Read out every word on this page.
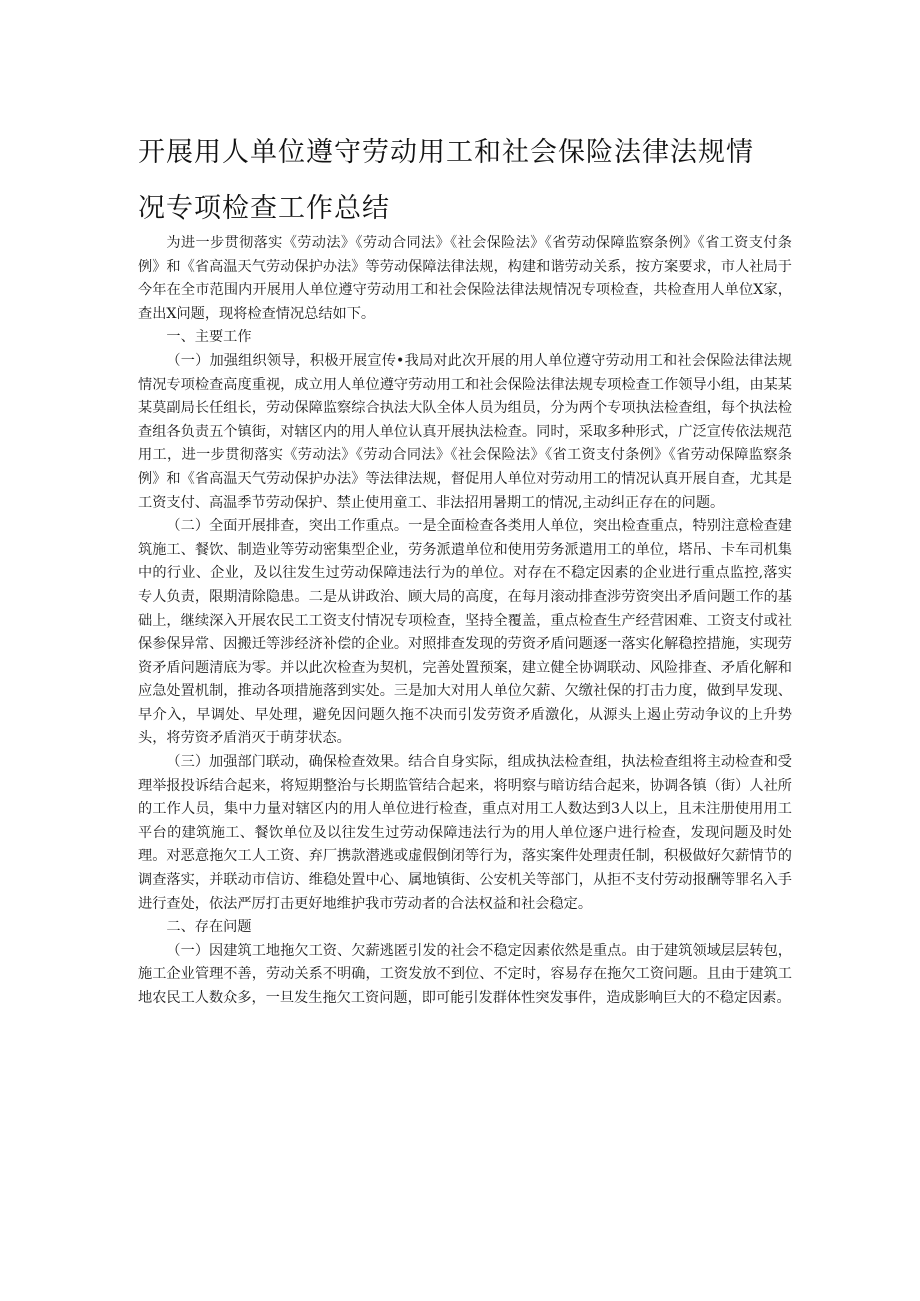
开展用人单位遵守劳动用工和社会保险法律法规情
况专项检查工作总结

为进一步贯彻落实《劳动法》《劳动合同法》《社会保险法》《省劳动保障监察条例》《省工资支付条例》和《省高温天气劳动保护办法》等劳动保障法律法规，构建和谐劳动关系，按方案要求，市人社局于今年在全市范围内开展用人单位遵守劳动用工和社会保险法律法规情况专项检查，共检查用人单位X家，查出X问题，现将检查情况总结如下。

一、主要工作

（一）加强组织领导，积极开展宣传•我局对此次开展的用人单位遵守劳动用工和社会保险法律法规情况专项检查高度重视，成立用人单位遵守劳动用工和社会保险法律法规专项检查工作领导小组，由某某某莫副局长任组长，劳动保障监察综合执法大队全体人员为组员，分为两个专项执法检查组，每个执法检查组各负责五个镇街，对辖区内的用人单位认真开展执法检查。同时，采取多种形式，广泛宣传依法规范用工，进一步贯彻落实《劳动法》《劳动合同法》《社会保险法》《省工资支付条例》《省劳动保障监察条例》和《省高温天气劳动保护办法》等法律法规，督促用人单位对劳动用工的情况认真开展自查，尤其是工资支付、高温季节劳动保护、禁止使用童工、非法招用暑期工的情况,主动纠正存在的问题。

（二）全面开展排查，突出工作重点。一是全面检查各类用人单位，突出检查重点，特别注意检查建筑施工、餐饮、制造业等劳动密集型企业，劳务派遣单位和使用劳务派遣用工的单位，塔吊、卡车司机集中的行业、企业，及以往发生过劳动保障违法行为的单位。对存在不稳定因素的企业进行重点监控,落实专人负责，限期清除隐患。二是从讲政治、顾大局的高度，在每月滚动排查涉劳资突出矛盾问题工作的基础上，继续深入开展农民工工资支付情况专项检查，坚持全覆盖，重点检查生产经营困难、工资支付或社保参保异常、因搬迁等涉经济补偿的企业。对照排查发现的劳资矛盾问题逐一落实化解稳控措施，实现劳资矛盾问题清底为零。并以此次检查为契机，完善处置预案，建立健全协调联动、风险排查、矛盾化解和应急处置机制，推动各项措施落到实处。三是加大对用人单位欠薪、欠缴社保的打击力度，做到早发现、早介入，早调处、早处理，避免因问题久拖不决而引发劳资矛盾激化，从源头上遏止劳动争议的上升势头，将劳资矛盾消灭于萌芽状态。

（三）加强部门联动，确保检查效果。结合自身实际，组成执法检查组，执法检查组将主动检查和受理举报投诉结合起来，将短期整治与长期监管结合起来，将明察与暗访结合起来，协调各镇（街）人社所的工作人员，集中力量对辖区内的用人单位进行检查，重点对用工人数达到3人以上，且未注册使用用工平台的建筑施工、餐饮单位及以往发生过劳动保障违法行为的用人单位逐户进行检查，发现问题及时处理。对恶意拖欠工人工资、弃厂携款潜逃或虚假倒闭等行为，落实案件处理责任制，积极做好欠薪情节的调查落实，并联动市信访、维稳处置中心、属地镇街、公安机关等部门，从拒不支付劳动报酬等罪名入手进行查处，依法严厉打击更好地维护我市劳动者的合法权益和社会稳定。

二、存在问题

（一）因建筑工地拖欠工资、欠薪逃匿引发的社会不稳定因素依然是重点。由于建筑领域层层转包，施工企业管理不善，劳动关系不明确，工资发放不到位、不定时，容易存在拖欠工资问题。且由于建筑工地农民工人数众多，一旦发生拖欠工资问题，即可能引发群体性突发事件，造成影响巨大的不稳定因素。
